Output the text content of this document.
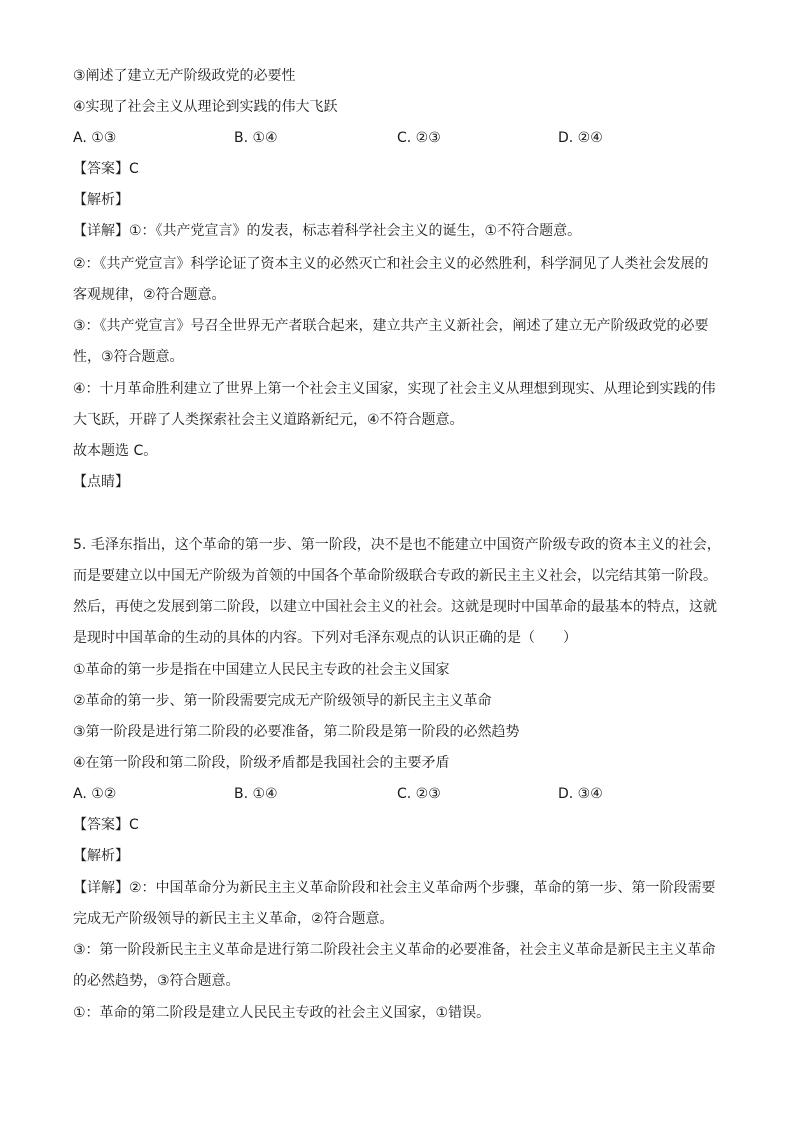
③阐述了建立无产阶级政党的必要性
④实现了社会主义从理论到实践的伟大飞跃
A. ①③	B. ①④	C. ②③	D. ②④
【答案】C
【解析】
【详解】①：《共产党宣言》的发表，标志着科学社会主义的诞生，①不符合题意。
②：《共产党宣言》科学论证了资本主义的必然灭亡和社会主义的必然胜利，科学洞见了人类社会发展的
客观规律，②符合题意。
③：《共产党宣言》号召全世界无产者联合起来，建立共产主义新社会，阐述了建立无产阶级政党的必要
性，③符合题意。
④：十月革命胜利建立了世界上第一个社会主义国家，实现了社会主义从理想到现实、从理论到实践的伟
大飞跃，开辟了人类探索社会主义道路新纪元，④不符合题意。
故本题选 C。
【点睛】
5. 毛泽东指出，这个革命的第一步、第一阶段，决不是也不能建立中国资产阶级专政的资本主义的社会，
而是要建立以中国无产阶级为首领的中国各个革命阶级联合专政的新民主主义社会，以完结其第一阶段。
然后，再使之发展到第二阶段，以建立中国社会主义的社会。这就是现时中国革命的最基本的特点，这就
是现时中国革命的生动的具体的内容。下列对毛泽东观点的认识正确的是（　　）
①革命的第一步是指在中国建立人民民主专政的社会主义国家
②革命的第一步、第一阶段需要完成无产阶级领导的新民主主义革命
③第一阶段是进行第二阶段的必要准备，第二阶段是第一阶段的必然趋势
④在第一阶段和第二阶段，阶级矛盾都是我国社会的主要矛盾
A. ①②	B. ①④	C. ②③	D. ③④
【答案】C
【解析】
【详解】②：中国革命分为新民主主义革命阶段和社会主义革命两个步骤，革命的第一步、第一阶段需要
完成无产阶级领导的新民主主义革命，②符合题意。
③：第一阶段新民主主义革命是进行第二阶段社会主义革命的必要准备，社会主义革命是新民主主义革命
的必然趋势，③符合题意。
①：革命的第二阶段是建立人民民主专政的社会主义国家，①错误。
